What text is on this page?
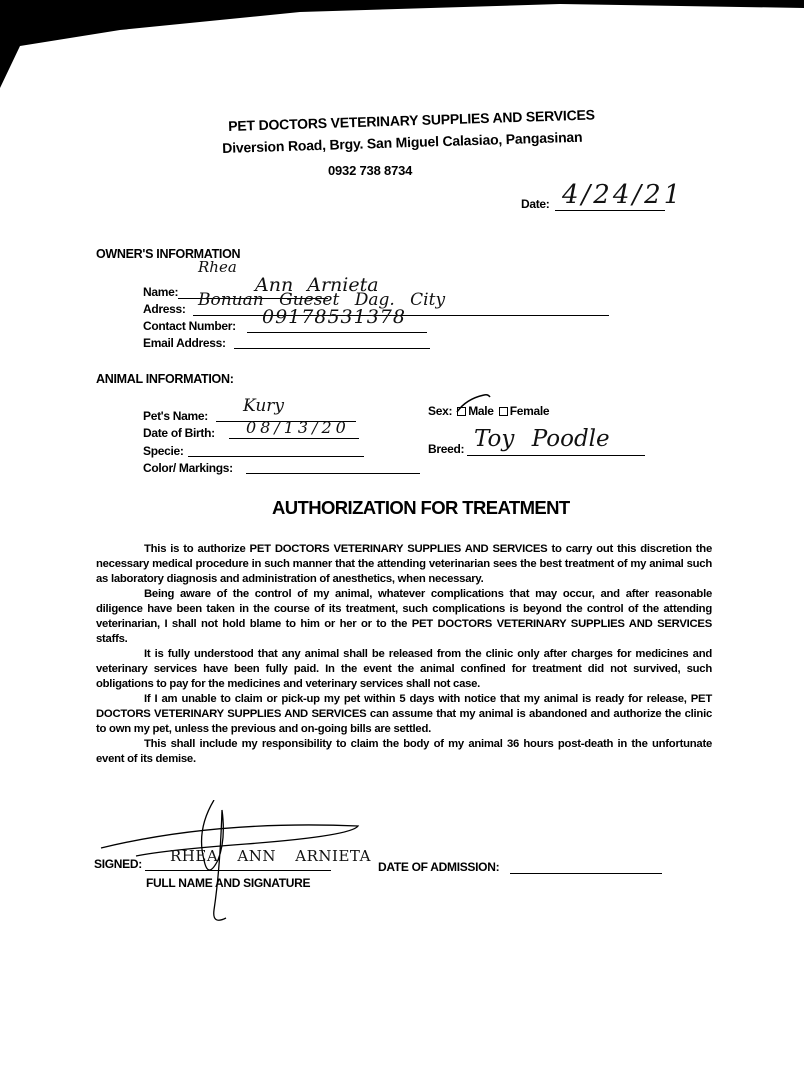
PET DOCTORS VETERINARY SUPPLIES AND SERVICES
Diversion Road, Brgy. San Miguel Calasiao, Pangasinan
0932 738 8734
Date: 4/24/21
OWNER'S INFORMATION
Name:
Rhea
Ann Arnieta
Adress: Bonuan Gueset Dag. City
Contact Number: 09178531378
Email Address:
ANIMAL INFORMATION:
Pet's Name: Kury
Date of Birth: 08/13/20
Specie:
Color/ Markings:
Sex: Male Female
Breed: Toy Poodle
AUTHORIZATION FOR TREATMENT

This is to authorize PET DOCTORS VETERINARY SUPPLIES AND SERVICES to carry out this discretion the necessary medical procedure in such manner that the attending veterinarian sees the best treatment of my animal such as laboratory diagnosis and administration of anesthetics, when necessary.

Being aware of the control of my animal, whatever complications that may occur, and after reasonable diligence have been taken in the course of its treatment, such complications is beyond the control of the attending veterinarian, I shall not hold blame to him or her or to the PET DOCTORS VETERINARY SUPPLIES AND SERVICES staffs.

It is fully understood that any animal shall be released from the clinic only after charges for medicines and veterinary services have been fully paid. In the event the animal confined for treatment did not survived, such obligations to pay for the medicines and veterinary services shall not case.

If I am unable to claim or pick-up my pet within 5 days with notice that my animal is ready for release, PET DOCTORS VETERINARY SUPPLIES AND SERVICES can assume that my animal is abandoned and authorize the clinic to own my pet, unless the previous and on-going bills are settled.

This shall include my responsibility to claim the body of my animal 36 hours post-death in the unfortunate event of its demise.

SIGNED: RHEA ANN ARNIETA
FULL NAME AND SIGNATURE
DATE OF ADMISSION:
